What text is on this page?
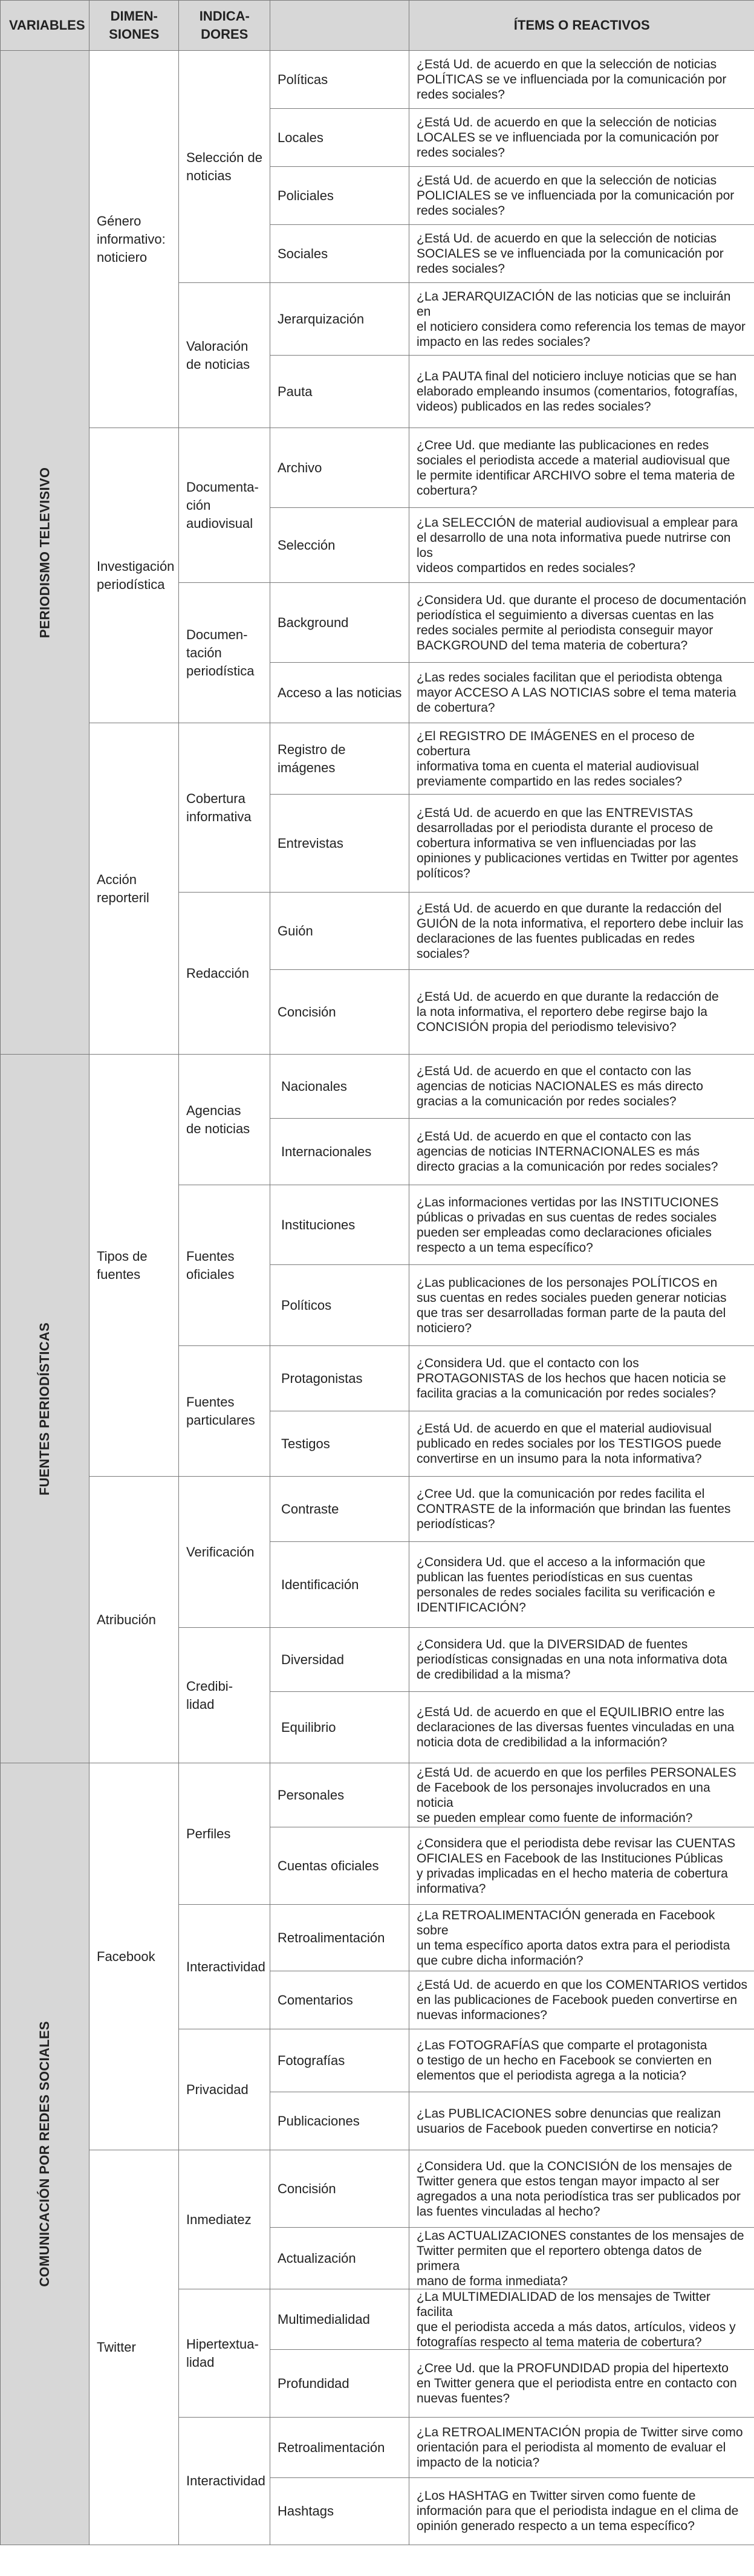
VARIABLES
DIMEN-
SIONES
INDICA-
DORES
ÍTEMS O REACTIVOS
PERIODISMO TELEVISIVO
FUENTES PERIODÍSTICAS
COMUNICACIÓN POR REDES SOCIALES
Género
informativo:
noticiero
Investigación
periodística
Acción
reporteril
Tipos de
fuentes
Atribución
Facebook
Twitter
Selección de
noticias
Valoración
de noticias
Documenta-
ción
audiovisual
Documen-
tación
periodística
Cobertura
informativa
Redacción
Agencias
de noticias
Fuentes
oficiales
Fuentes
particulares
Verificación
Credibi-
lidad
Perfiles
Interactividad
Privacidad
Inmediatez
Hipertextua-
lidad
Interactividad
Políticas
¿Está Ud. de acuerdo en que la selección de noticias
POLÍTICAS se ve influenciada por la comunicación por
redes sociales?
Locales
¿Está Ud. de acuerdo en que la selección de noticias
LOCALES se ve influenciada por la comunicación por
redes sociales?
Policiales
¿Está Ud. de acuerdo en que la selección de noticias
POLICIALES se ve influenciada por la comunicación por
redes sociales?
Sociales
¿Está Ud. de acuerdo en que la selección de noticias
SOCIALES se ve influenciada por la comunicación por
redes sociales?
Jerarquización
¿La JERARQUIZACIÓN de las noticias que se incluirán en
el noticiero considera como referencia los temas de mayor
impacto en las redes sociales?
Pauta
¿La PAUTA final del noticiero incluye noticias que se han
elaborado empleando insumos (comentarios, fotografías,
videos) publicados en las redes sociales?
Archivo
¿Cree Ud. que mediante las publicaciones en redes
sociales el periodista accede a material audiovisual que
le permite identificar ARCHIVO sobre el tema materia de
cobertura?
Selección
¿La SELECCIÓN de material audiovisual a emplear para
el desarrollo de una nota informativa puede nutrirse con los
videos compartidos en redes sociales?
Background
¿Considera Ud. que durante el proceso de documentación
periodística el seguimiento a diversas cuentas en las
redes sociales permite al periodista conseguir mayor
BACKGROUND del tema materia de cobertura?
Acceso a las noticias
¿Las redes sociales facilitan que el periodista obtenga
mayor ACCESO A LAS NOTICIAS sobre el tema materia
de cobertura?
Registro de imágenes
¿El REGISTRO DE IMÁGENES en el proceso de cobertura
informativa toma en cuenta el material audiovisual
previamente compartido en las redes sociales?
Entrevistas
¿Está Ud. de acuerdo en que las ENTREVISTAS
desarrolladas por el periodista durante el proceso de
cobertura informativa se ven influenciadas por las
opiniones y publicaciones vertidas en Twitter por agentes
políticos?
Guión
¿Está Ud. de acuerdo en que durante la redacción del
GUIÓN de la nota informativa, el reportero debe incluir las
declaraciones de las fuentes publicadas en redes sociales?
Concisión
¿Está Ud. de acuerdo en que durante la redacción de
la nota informativa, el reportero debe regirse bajo la
CONCISIÓN propia del periodismo televisivo?
Nacionales
¿Está Ud. de acuerdo en que el contacto con las
agencias de noticias NACIONALES es más directo
gracias a la comunicación por redes sociales?
Internacionales
¿Está Ud. de acuerdo en que el contacto con las
agencias de noticias INTERNACIONALES es más
directo gracias a la comunicación por redes sociales?
Instituciones
¿Las informaciones vertidas por las INSTITUCIONES
públicas o privadas en sus cuentas de redes sociales
pueden ser empleadas como declaraciones oficiales
respecto a un tema específico?
Políticos
¿Las publicaciones de los personajes POLÍTICOS en
sus cuentas en redes sociales pueden generar noticias
que tras ser desarrolladas forman parte de la pauta del
noticiero?
Protagonistas
¿Considera Ud. que el contacto con los
PROTAGONISTAS de los hechos que hacen noticia se
facilita gracias a la comunicación por redes sociales?
Testigos
¿Está Ud. de acuerdo en que el material audiovisual
publicado en redes sociales por los TESTIGOS puede
convertirse en un insumo para la nota informativa?
Contraste
¿Cree Ud. que la comunicación por redes facilita el
CONTRASTE de la información que brindan las fuentes
periodísticas?
Identificación
¿Considera Ud. que el acceso a la información que
publican las fuentes periodísticas en sus cuentas
personales de redes sociales facilita su verificación e
IDENTIFICACIÓN?
Diversidad
¿Considera Ud. que la DIVERSIDAD de fuentes
periodísticas consignadas en una nota informativa dota
de credibilidad a la misma?
Equilibrio
¿Está Ud. de acuerdo en que el EQUILIBRIO entre las
declaraciones de las diversas fuentes vinculadas en una
noticia dota de credibilidad a la información?
Personales
¿Está Ud. de acuerdo en que los perfiles PERSONALES
de Facebook de los personajes involucrados en una noticia
se pueden emplear como fuente de información?
Cuentas oficiales
¿Considera que el periodista debe revisar las CUENTAS
OFICIALES en Facebook de las Instituciones Públicas
y privadas implicadas en el hecho materia de cobertura
informativa?
Retroalimentación
¿La RETROALIMENTACIÓN generada en Facebook sobre
un tema específico aporta datos extra para el periodista
que cubre dicha información?
Comentarios
¿Está Ud. de acuerdo en que los COMENTARIOS vertidos
en las publicaciones de Facebook pueden convertirse en
nuevas informaciones?
Fotografías
¿Las FOTOGRAFÍAS que comparte el protagonista
o testigo de un hecho en Facebook se convierten en
elementos que el periodista agrega a la noticia?
Publicaciones	¿Las PUBLICACIONES sobre denuncias que realizan
usuarios de Facebook pueden convertirse en noticia?
Concisión
¿Considera Ud. que la CONCISIÓN de los mensajes de
Twitter genera que estos tengan mayor impacto al ser
agregados a una nota periodística tras ser publicados por
las fuentes vinculadas al hecho?
Actualización
¿Las ACTUALIZACIONES constantes de los mensajes de
Twitter permiten que el reportero obtenga datos de primera
mano de forma inmediata?
Multimedialidad
¿La MULTIMEDIALIDAD de los mensajes de Twitter facilita
que el periodista acceda a más datos, artículos, videos y
fotografías respecto al tema materia de cobertura?
Profundidad
¿Cree Ud. que la PROFUNDIDAD propia del hipertexto
en Twitter genera que el periodista entre en contacto con
nuevas fuentes?
Retroalimentación
¿La RETROALIMENTACIÓN propia de Twitter sirve como
orientación para el periodista al momento de evaluar el
impacto de la noticia?
Hashtags
¿Los HASHTAG en Twitter sirven como fuente de
información para que el periodista indague en el clima de
opinión generado respecto a un tema específico?
